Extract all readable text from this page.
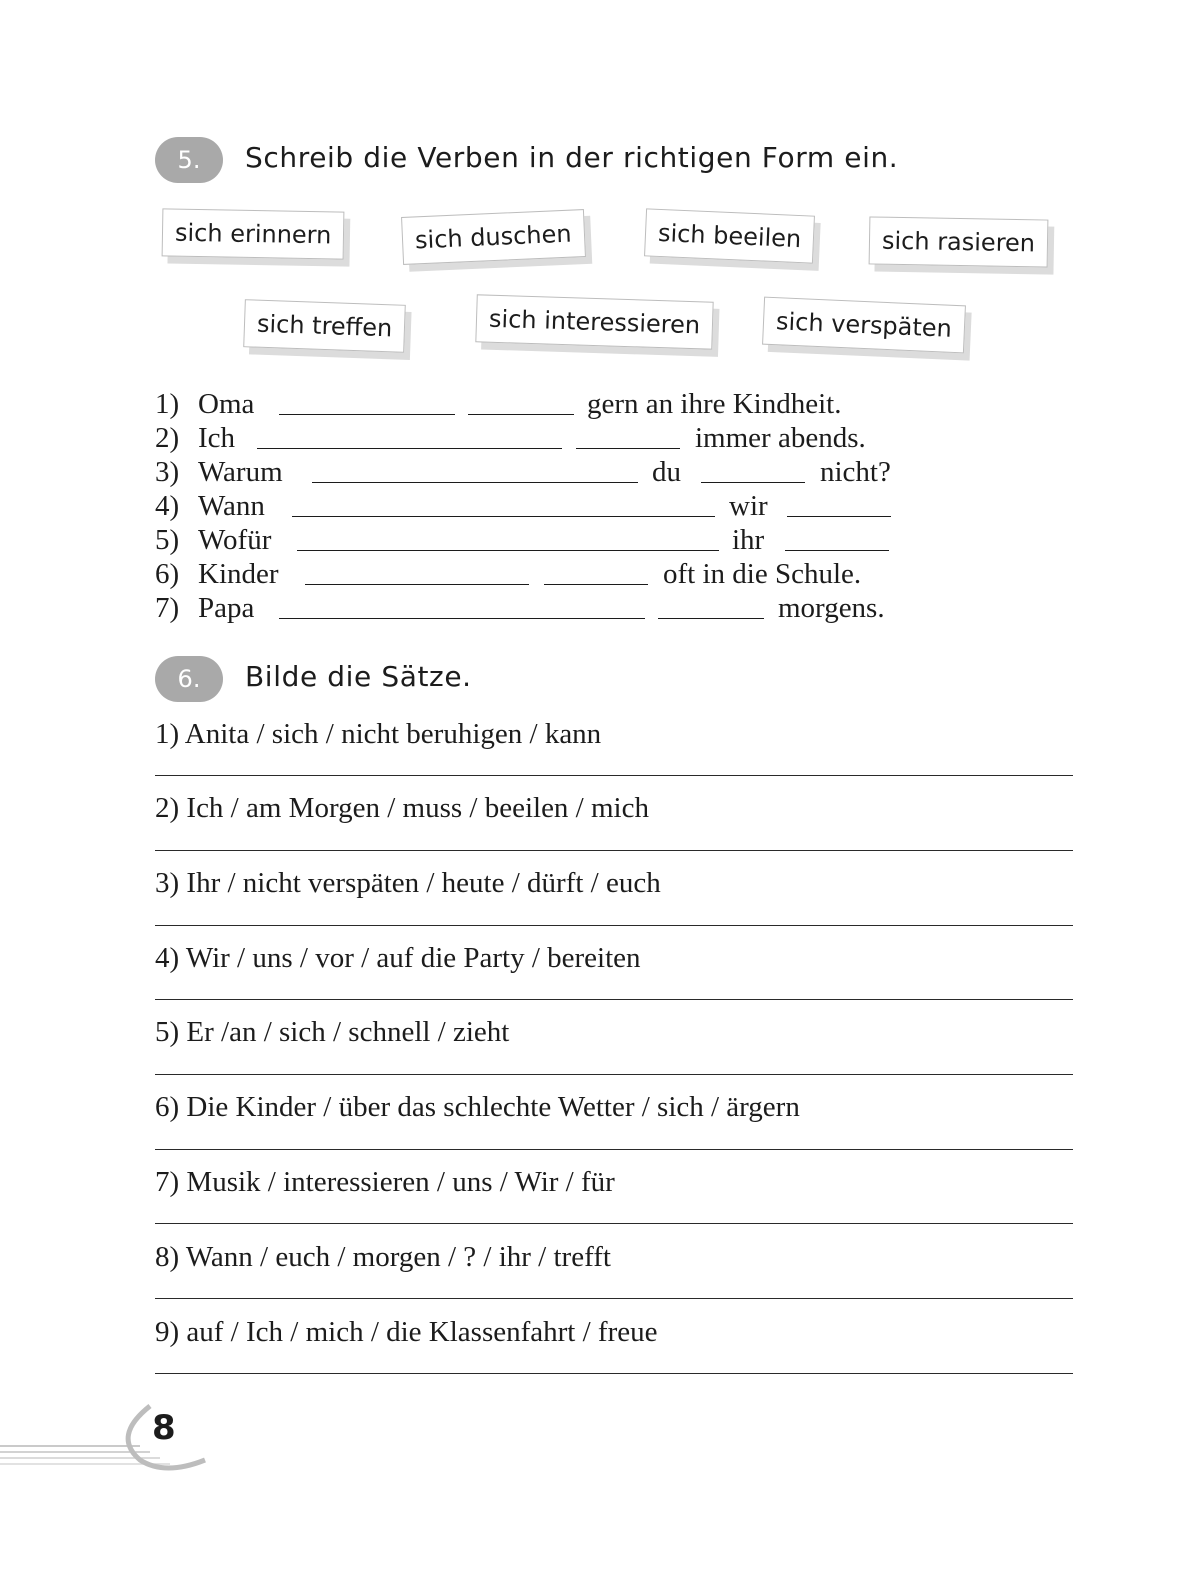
5.	Schreib die Verben in der richtigen Form ein.
sich erinnern	sich duschen	sich beeilen	sich rasieren
sich treffen	sich interessieren	sich verspäten
1) Oma	gern an ihre Kindheit.
2) Ich	immer abends.
3) Warum	du	nicht?
4) Wann	wir
5) Wofür	ihr
6) Kinder	oft in die Schule.
7) Papa	morgens.
6.	Bilde die Sätze.
1) Anita / sich / nicht beruhigen / kann
2) Ich / am Morgen / muss / beeilen / mich
3) Ihr / nicht verspäten / heute / dürft / euch
4) Wir / uns / vor / auf die Party / bereiten
5) Er /an / sich / schnell / zieht
6) Die Kinder / über das schlechte Wetter / sich / ärgern
7) Musik / interessieren / uns / Wir / für
8) Wann / euch / morgen / ? / ihr / trefft
9) auf / Ich / mich / die Klassenfahrt / freue
8
